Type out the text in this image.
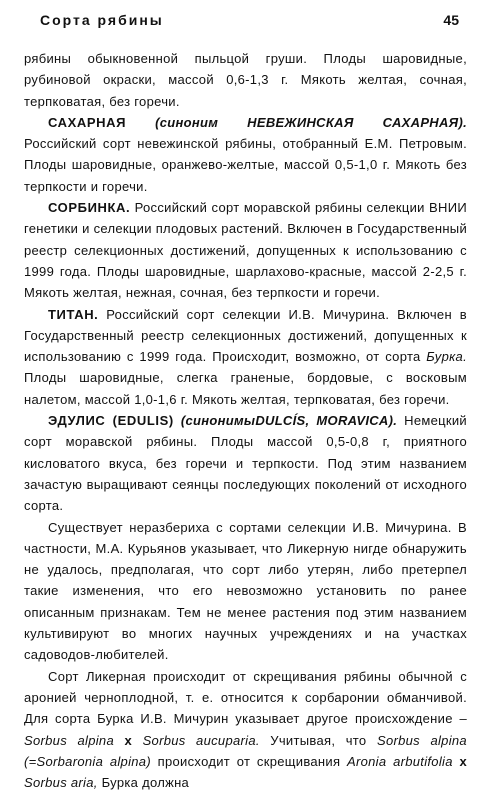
Сорта рябины	45

рябины обыкновенной пыльцой груши. Плоды шаровидные, рубиновой окраски, массой 0,6-1,3 г. Мякоть желтая, сочная, терпковатая, без горечи.

САХАРНАЯ (синоним НЕВЕЖИНСКАЯ САХАРНАЯ). Российский сорт невежинской рябины, отобранный Е.М. Петровым. Плоды шаровидные, оранжево-желтые, массой 0,5-1,0 г. Мякоть без терпкости и горечи.

СОРБИНКА. Российский сорт моравской рябины селекции ВНИИ генетики и селекции плодовых растений. Включен в Государственный реестр селекционных достижений, допущенных к использованию с 1999 года. Плоды шаровидные, шарлахово-красные, массой 2-2,5 г. Мякоть желтая, нежная, сочная, без терпкости и горечи.

ТИТАН. Российский сорт селекции И.В. Мичурина. Включен в Государственный реестр селекционных достижений, допущенных к использованию с 1999 года. Происходит, возможно, от сорта Бурка. Плоды шаровидные, слегка граненые, бордовые, с восковым налетом, массой 1,0-1,6 г. Мякоть желтая, терпковатая, без горечи.

ЭДУЛИС (EDULIS) (синонимыDULCÍS, MORAVICA). Немецкий сорт моравской рябины. Плоды массой 0,5-0,8 г, приятного кисловатого вкуса, без горечи и терпкости. Под этим названием зачастую выращивают сеянцы последующих поколений от исходного сорта.

Существует неразбериха с сортами селекции И.В. Мичурина. В частности, М.А. Курьянов указывает, что Ликерную нигде обнаружить не удалось, предполагая, что сорт либо утерян, либо претерпел такие изменения, что его невозможно установить по ранее описанным признакам. Тем не менее растения под этим названием культивируют во многих научных учреждениях и на участках садоводов-любителей.

Сорт Ликерная происходит от скрещивания рябины обычной с аронией черноплодной, т. е. относится к сорбаронии обманчивой. Для сорта Бурка И.В. Мичурин указывает другое происхождение – Sorbus alpina x Sorbus aucuparia. Учитывая, что Sorbus alpina (=Sorbaronia alpina) происходит от скрещивания Aronia arbutifolia x Sorbus aria, Бурка должна
